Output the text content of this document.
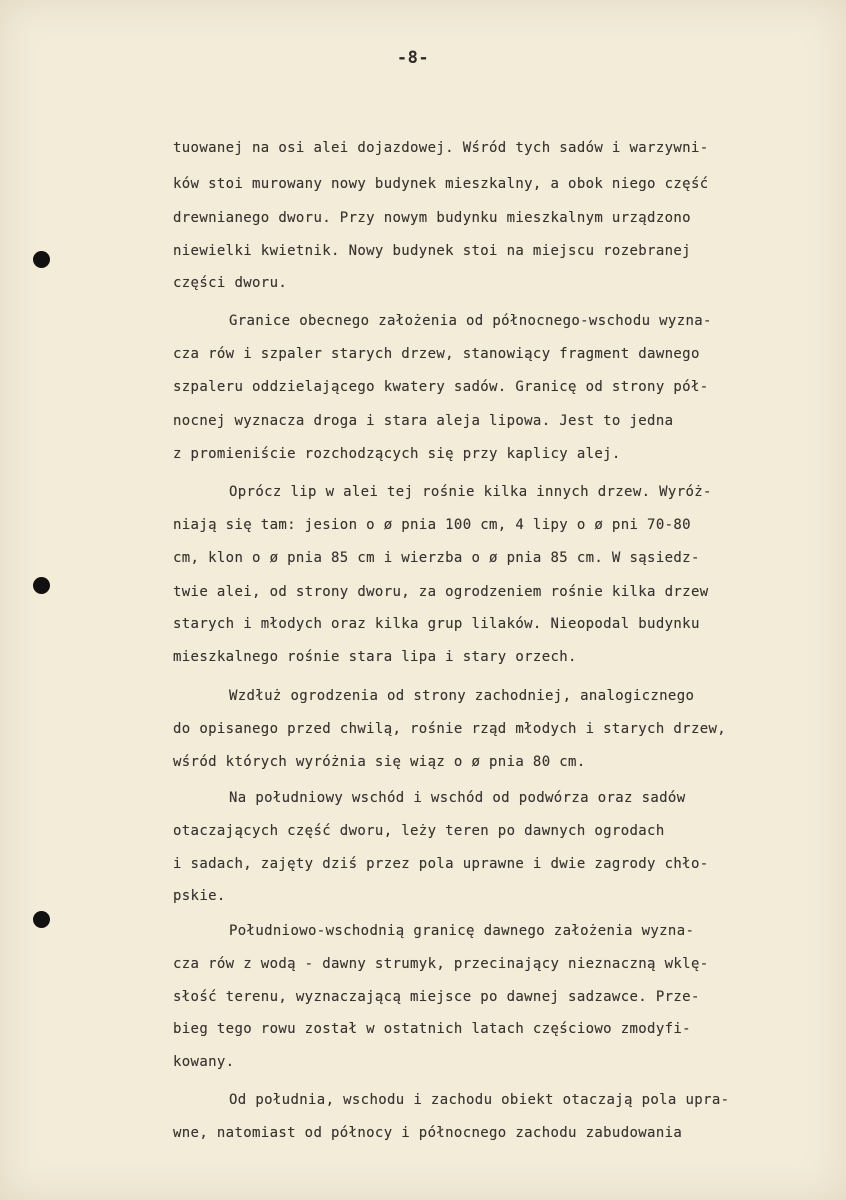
-8-
tuowanej na osi alei dojazdowej. Wśród tych sadów i warzywni-
ków stoi murowany nowy budynek mieszkalny, a obok niego część
drewnianego dworu. Przy nowym budynku mieszkalnym urządzono
niewielki kwietnik. Nowy budynek stoi na miejscu rozebranej
części dworu.
Granice obecnego założenia od północnego-wschodu wyzna-
cza rów i szpaler starych drzew, stanowiący fragment dawnego
szpaleru oddzielającego kwatery sadów. Granicę od strony pół-
nocnej wyznacza droga i stara aleja lipowa. Jest to jedna
z promieniście rozchodzących się przy kaplicy alej.
Oprócz lip w alei tej rośnie kilka innych drzew. Wyróż-
niają się tam: jesion o ø pnia 100 cm, 4 lipy o ø pni 70-80
cm, klon o ø pnia 85 cm i wierzba o ø pnia 85 cm. W sąsiedz-
twie alei, od strony dworu, za ogrodzeniem rośnie kilka drzew
starych i młodych oraz kilka grup lilaków. Nieopodal budynku
mieszkalnego rośnie stara lipa i stary orzech.
Wzdłuż ogrodzenia od strony zachodniej, analogicznego
do opisanego przed chwilą, rośnie rząd młodych i starych drzew,
wśród których wyróżnia się wiąz o ø pnia 80 cm.
Na południowy wschód i wschód od podwórza oraz sadów
otaczających część dworu, leży teren po dawnych ogrodach
i sadach, zajęty dziś przez pola uprawne i dwie zagrody chło-
pskie.
Południowo-wschodnią granicę dawnego założenia wyzna-
cza rów z wodą - dawny strumyk, przecinający nieznaczną wklę-
słość terenu, wyznaczającą miejsce po dawnej sadzawce. Prze-
bieg tego rowu został w ostatnich latach częściowo zmodyfi-
kowany.
Od południa, wschodu i zachodu obiekt otaczają pola upra-
wne, natomiast od północy i północnego zachodu zabudowania
